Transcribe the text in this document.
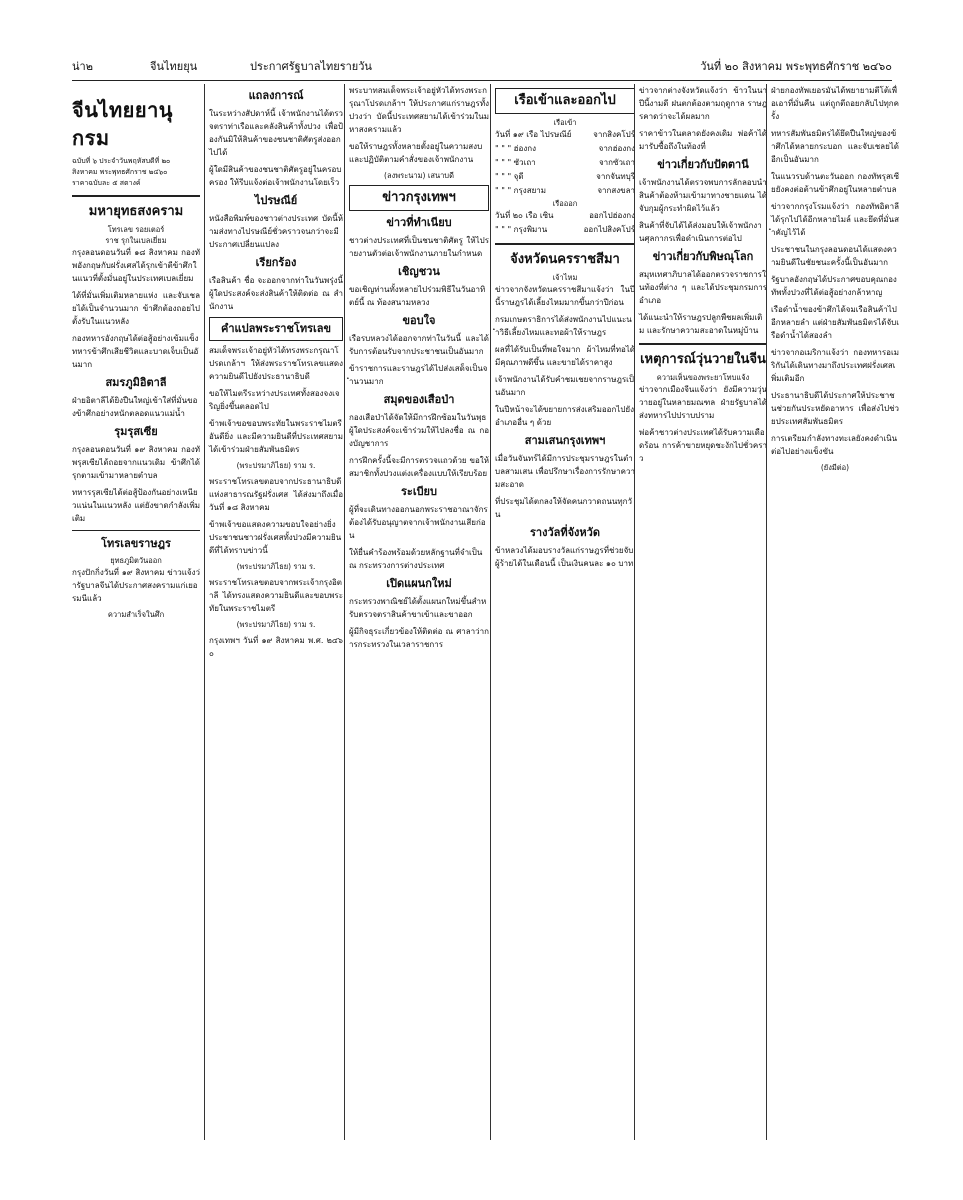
น่า๒	จีนไทยยุน	ประกาศรัฐบาลไทยรายวัน	วันที่ ๒๐ สิงหาคม พระพุทธศักราช ๒๔๖๐
จีนไทยยานุกรม
ฉบับที่ ๖ ประจำวันพฤหัสบดีที่ ๒๐
สิงหาคม พระพุทธศักราช ๒๔๖๐
ราคาฉบับละ ๕ สตางค์
มหายุทธสงคราม
โทรเลข รอยเตอร์
ราช รุกในเบลเยี่ยม

กรุงลอนดอนวันที่ ๑๘ สิงหาคม กองทัพอังกฤษกับฝรั่งเศสได้รุกเข้าตีข้าศึกในแนวที่ตั้งมั่นอยู่ในประเทศเบลเยี่ยม

ได้ที่มั่นเพิ่มเติมหลายแห่ง และจับเชลยได้เป็นจำนวนมาก ข้าศึกต้องถอยไปตั้งรับในแนวหลัง

กองทหารอังกฤษได้ต่อสู้อย่างเข้มแข็ง ทหารข้าศึกเสียชีวิตและบาดเจ็บเป็นอันมาก

สมรภูมิอิตาลี

ฝ่ายอิตาลีได้ยิงปืนใหญ่เข้าใส่ที่มั่นของข้าศึกอย่างหนักตลอดแนวแม่น้ำ

รุมรุสเซีย

กรุงลอนดอนวันที่ ๑๙ สิงหาคม กองทัพรุสเซียได้ถอยจากแนวเดิม ข้าศึกได้รุกตามเข้ามาหลายตำบล

ทหารรุสเซียได้ต่อสู้ป้องกันอย่างเหนียวแน่นในแนวหลัง แต่ยังขาดกำลังเพิ่มเติม

โทรเลขราษฎร
ยุทธภูมิตวันออก

กรุงปักกิ่งวันที่ ๑๙ สิงหาคม ข่าวแจ้งว่ารัฐบาลจีนได้ประกาศสงครามแก่เยอรมนีแล้ว

ความสำเร็จในศึก
แถลงการณ์

ในระหว่างสัปดาห์นี้ เจ้าพนักงานได้ตรวจตราท่าเรือและคลังสินค้าทั้งปวง เพื่อป้องกันมิให้สินค้าของชนชาติศัตรูส่งออกไปได้

ผู้ใดมีสินค้าของชนชาติศัตรูอยู่ในครอบครอง ให้รีบแจ้งต่อเจ้าพนักงานโดยเร็ว

ไปรษณีย์

หนังสือพิมพ์ของชาวต่างประเทศ บัดนี้ห้ามส่งทางไปรษณีย์ชั่วคราวจนกว่าจะมีประกาศเปลี่ยนแปลง

เรียกร้อง

เรือสินค้า ชื่อ จะออกจากท่าในวันพรุ่งนี้ ผู้ใดประสงค์จะส่งสินค้าให้ติดต่อ ณ สำนักงาน

คำแปลพระราชโทรเลข

สมเด็จพระเจ้าอยู่หัวได้ทรงพระกรุณาโปรดเกล้าฯ ให้ส่งพระราชโทรเลขแสดงความยินดีไปยังประธานาธิบดี

ขอให้ไมตรีระหว่างประเทศทั้งสองจงเจริญยิ่งขึ้นตลอดไป

ข้าพเจ้าขอขอบพระทัยในพระราชไมตรีอันดียิ่ง และมีความยินดีที่ประเทศสยามได้เข้าร่วมฝ่ายสัมพันธมิตร

(พระปรมาภิไธย) ราม ร.

พระราชโทรเลขตอบจากประธานาธิบดีแห่งสาธารณรัฐฝรั่งเศส ได้ส่งมาถึงเมื่อวันที่ ๑๘ สิงหาคม

ข้าพเจ้าขอแสดงความขอบใจอย่างยิ่ง ประชาชนชาวฝรั่งเศสทั้งปวงมีความยินดีที่ได้ทราบข่าวนี้

(พระปรมาภิไธย) ราม ร.

พระราชโทรเลขตอบจากพระเจ้ากรุงอิตาลี ได้ทรงแสดงความยินดีและขอบพระทัยในพระราชไมตรี

(พระปรมาภิไธย) ราม ร.

กรุงเทพฯ วันที่ ๑๙ สิงหาคม พ.ศ. ๒๔๖๐

พระบาทสมเด็จพระเจ้าอยู่หัวได้ทรงพระกรุณาโปรดเกล้าฯ ให้ประกาศแก่ราษฎรทั้งปวงว่า บัดนี้ประเทศสยามได้เข้าร่วมในมหาสงครามแล้ว

ขอให้ราษฎรทั้งหลายตั้งอยู่ในความสงบ และปฏิบัติตามคำสั่งของเจ้าพนักงาน

(ลงพระนาม) เสนาบดี
ข่าวกรุงเทพฯ
ข่าวที่ทำเนียบ

ชาวต่างประเทศที่เป็นชนชาติศัตรู ให้ไปรายงานตัวต่อเจ้าพนักงานภายในกำหนด

เชิญชวน

ขอเชิญท่านทั้งหลายไปร่วมพิธีในวันอาทิตย์นี้ ณ ท้องสนามหลวง

ขอบใจ

เรือรบหลวงได้ออกจากท่าในวันนี้ และได้รับการต้อนรับจากประชาชนเป็นอันมาก

ข้าราชการและราษฎรได้ไปส่งเสด็จเป็นจำนวนมาก

สมุดของเสือป่า

กองเสือป่าได้จัดให้มีการฝึกซ้อมในวันพุธ ผู้ใดประสงค์จะเข้าร่วมให้ไปลงชื่อ ณ กองบัญชาการ

การฝึกครั้งนี้จะมีการตรวจแถวด้วย ขอให้สมาชิกทั้งปวงแต่งเครื่องแบบให้เรียบร้อย

ระเบียบ

ผู้ที่จะเดินทางออกนอกพระราชอาณาจักร ต้องได้รับอนุญาตจากเจ้าพนักงานเสียก่อน

ให้ยื่นคำร้องพร้อมด้วยหลักฐานที่จำเป็น ณ กระทรวงการต่างประเทศ

เปิดแผนกใหม่

กระทรวงพาณิชย์ได้ตั้งแผนกใหม่ขึ้นสำหรับตรวจตราสินค้าขาเข้าและขาออก

ผู้มีกิจธุระเกี่ยวข้องให้ติดต่อ ณ ศาลาว่าการกระทรวงในเวลาราชการ

เรือเข้าและออกไป
เรือเข้า
วันที่ ๑๙ เรือ ไปรษณีย์	จากสิงคโปร์
" " " ฮ่องกง	จากฮ่องกง
" " " ซัวเถา	จากซัวเถา
" " " จุดี	จากจันทบุรี
" " " กรุงสยาม	จากสงขลา
เรือออก
วันที่ ๒๐ เรือ เซิน	ออกไปฮ่องกง
" " " กรุงพิมาน	ออกไปสิงคโปร์
จังหวัดนครราชสีมา
เจ้าไหม

ข่าวจากจังหวัดนครราชสีมาแจ้งว่า ในปีนี้ราษฎรได้เลี้ยงไหมมากขึ้นกว่าปีก่อน

กรมเกษตราธิการได้ส่งพนักงานไปแนะนำวิธีเลี้ยงไหมและทอผ้าให้ราษฎร

ผลที่ได้รับเป็นที่พอใจมาก ผ้าไหมที่ทอได้มีคุณภาพดีขึ้น และขายได้ราคาสูง

เจ้าพนักงานได้รับคำชมเชยจากราษฎรเป็นอันมาก

ในปีหน้าจะได้ขยายการส่งเสริมออกไปยังอำเภออื่น ๆ ด้วย

สามเสนกรุงเทพฯ

เมื่อวันจันทร์ได้มีการประชุมราษฎรในตำบลสามเสน เพื่อปรึกษาเรื่องการรักษาความสะอาด

ที่ประชุมได้ตกลงให้จัดคนกวาดถนนทุกวัน

รางวัลที่จังหวัด

ข้าหลวงได้มอบรางวัลแก่ราษฎรที่ช่วยจับผู้ร้ายได้ในเดือนนี้ เป็นเงินคนละ ๑๐ บาท

ข่าวจากต่างจังหวัดแจ้งว่า ข้าวในนาปีนี้งามดี ฝนตกต้องตามฤดูกาล ราษฎรคาดว่าจะได้ผลมาก

ราคาข้าวในตลาดยังคงเดิม พ่อค้าได้มารับซื้อถึงในท้องที่

ข่าวเกี่ยวกับปัตตานี

เจ้าพนักงานได้ตรวจพบการลักลอบนำสินค้าต้องห้ามเข้ามาทางชายแดน ได้จับกุมผู้กระทำผิดไว้แล้ว

สินค้าที่จับได้ได้ส่งมอบให้เจ้าพนักงานศุลกากรเพื่อดำเนินการต่อไป

ข่าวเกี่ยวกับพิษณุโลก

สมุหเทศาภิบาลได้ออกตรวจราชการในท้องที่ต่าง ๆ และได้ประชุมกรมการอำเภอ

ได้แนะนำให้ราษฎรปลูกพืชผลเพิ่มเติม และรักษาความสะอาดในหมู่บ้าน

เหตุการณ์วุ่นวายในจีน
ความเห็นของพระยาโทบแจ้ง

ข่าวจากเมืองจีนแจ้งว่า ยังมีความวุ่นวายอยู่ในหลายมณฑล ฝ่ายรัฐบาลได้ส่งทหารไปปราบปราม

พ่อค้าชาวต่างประเทศได้รับความเดือดร้อน การค้าขายหยุดชะงักไปชั่วคราว

ฝ่ายกองทัพเยอรมันได้พยายามตีโต้เพื่อเอาที่มั่นคืน แต่ถูกตีถอยกลับไปทุกครั้ง

ทหารสัมพันธมิตรได้ยึดปืนใหญ่ของข้าศึกได้หลายกระบอก และจับเชลยได้อีกเป็นอันมาก

ในแนวรบด้านตะวันออก กองทัพรุสเซียยังคงต่อต้านข้าศึกอยู่ในหลายตำบล

ข่าวจากกรุงโรมแจ้งว่า กองทัพอิตาลีได้รุกไปได้อีกหลายไมล์ และยึดที่มั่นสำคัญไว้ได้

ประชาชนในกรุงลอนดอนได้แสดงความยินดีในชัยชนะครั้งนี้เป็นอันมาก

รัฐบาลอังกฤษได้ประกาศขอบคุณกองทัพทั้งปวงที่ได้ต่อสู้อย่างกล้าหาญ

เรือดำน้ำของข้าศึกได้จมเรือสินค้าไปอีกหลายลำ แต่ฝ่ายสัมพันธมิตรได้จับเรือดำน้ำได้สองลำ

ข่าวจากอเมริกาแจ้งว่า กองทหารอเมริกันได้เดินทางมาถึงประเทศฝรั่งเศสเพิ่มเติมอีก

ประธานาธิบดีได้ประกาศให้ประชาชนช่วยกันประหยัดอาหาร เพื่อส่งไปช่วยประเทศสัมพันธมิตร

การเตรียมกำลังทางทะเลยังคงดำเนินต่อไปอย่างแข็งขัน

(ยังมีต่อ)
